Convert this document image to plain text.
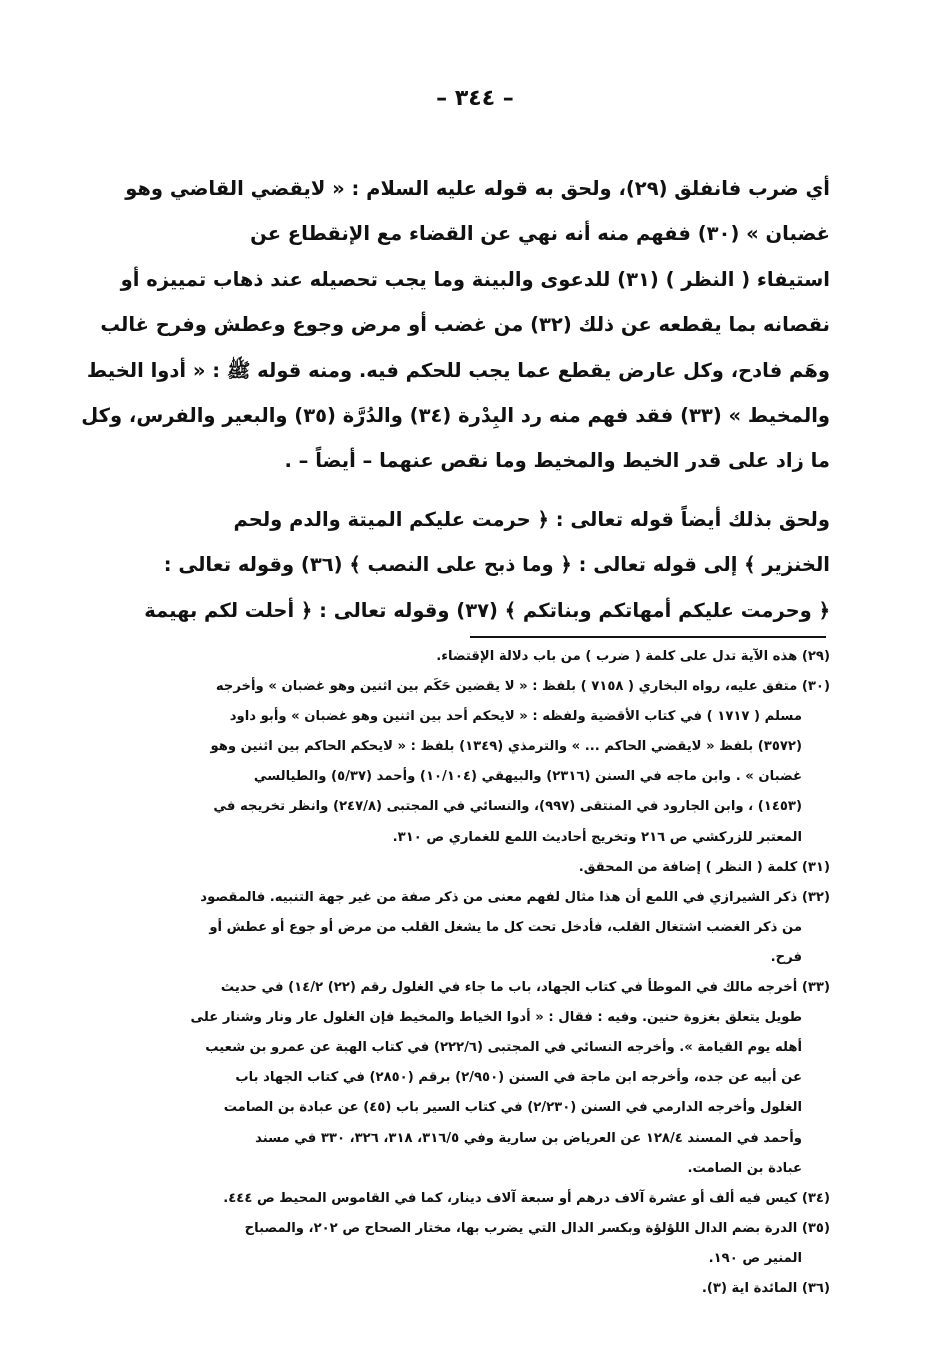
– ٣٤٤ –
أي ضرب فانفلق (٢٩)، ولحق به قوله عليه السلام : « لايقضي القاضي وهو
غضبان » (٣٠) ففهم منه أنه نهي عن القضاء مع الإنقطاع عن
استيفاء ( النظر ) (٣١) للدعوى والبينة وما يجب تحصيله عند ذهاب تمييزه أو
نقصانه بما يقطعه عن ذلك (٣٢) من غضب أو مرض وجوع وعطش وفرح غالب
وهَم فادح، وكل عارض يقطع عما يجب للحكم فيه. ومنه قوله ﷺ : « أدوا الخيط
والمخيط » (٣٣) فقد فهم منه رد البِدْرة (٣٤) والدُرَّة (٣٥) والبعير والفرس، وكل
ما زاد على قدر الخيط والمخيط وما نقص عنهما – أيضاً – .
ولحق بذلك أيضاً قوله تعالى : ﴿ حرمت عليكم الميتة والدم ولحم
الخنزير ﴾ إلى قوله تعالى : ﴿ وما ذبح على النصب ﴾ (٣٦) وقوله تعالى :
﴿ وحرمت عليكم أمهاتكم وبناتكم ﴾ (٣٧) وقوله تعالى : ﴿ أحلت لكم بهيمة
(٢٩) هذه الآية تدل على كلمة ( ضرب ) من باب دلالة الإقتضاء.
(٣٠) متفق عليه، رواه البخاري ( ٧١٥٨ ) بلفظ : « لا يقضين حَكَم بين اثنين وهو غضبان » وأخرجه
مسلم ( ١٧١٧ ) في كتاب الأقضية ولفظه : « لايحكم أحد بين اثنين وهو غضبان » وأبو داود
(٣٥٧٢) بلفظ « لايقضي الحاكم ... » والترمذي (١٣٤٩) بلفظ : « لايحكم الحاكم بين اثنين وهو
غضبان » . وابن ماجه في السنن (٢٣١٦) والبيهقي (١٠/١٠٤) وأحمد (٥/٣٧) والطيالسي
(١٤٥٣) ، وابن الجارود في المنتقى (٩٩٧)، والنسائي في المجتبى (٢٤٧/٨) وانظر تخريجه في
المعتبر للزركشي ص ٢١٦ وتخريج أحاديث اللمع للغماري ص ٣١٠.
(٣١) كلمة ( النظر ) إضافة من المحقق.
(٣٢) ذكر الشيرازي في اللمع أن هذا مثال لفهم معنى من ذكر صفة من غير جهة التنبيه. فالمقصود
من ذكر الغضب اشتغال القلب، فأدخل تحت كل ما يشغل القلب من مرض أو جوع أو عطش أو
فرح.
(٣٣) أخرجه مالك في الموطأ في كتاب الجهاد، باب ما جاء في الغلول رقم (٢٢) ١٤/٢) في حديث
طويل يتعلق بغزوة حنين. وفيه : فقال : « أدوا الخياط والمخيط فإن الغلول عار ونار وشنار على
أهله يوم القيامة ». وأخرجه النسائي في المجتبى (٢٢٢/٦) في كتاب الهبة عن عمرو بن شعيب
عن أبيه عن جده، وأخرجه ابن ماجة في السنن (٢/٩٥٠) برقم (٢٨٥٠) في كتاب الجهاد باب
الغلول وأخرجه الدارمي في السنن (٢/٢٣٠) في كتاب السير باب (٤٥) عن عبادة بن الصامت
وأحمد في المسند ١٢٨/٤ عن العرياض بن سارية وفي ٣١٦/٥، ٣١٨، ٣٢٦، ٣٣٠ في مسند
عبادة بن الصامت.
(٣٤) كيس فيه ألف أو عشرة آلاف درهم أو سبعة آلاف دينار، كما في القاموس المحيط ص ٤٤٤.
(٣٥) الدرة بضم الدال اللؤلؤة وبكسر الدال التي يضرب بها، مختار الصحاح ص ٢٠٢، والمصباح
المنير ص ١٩٠.
(٣٦) المائدة اية (٣).
